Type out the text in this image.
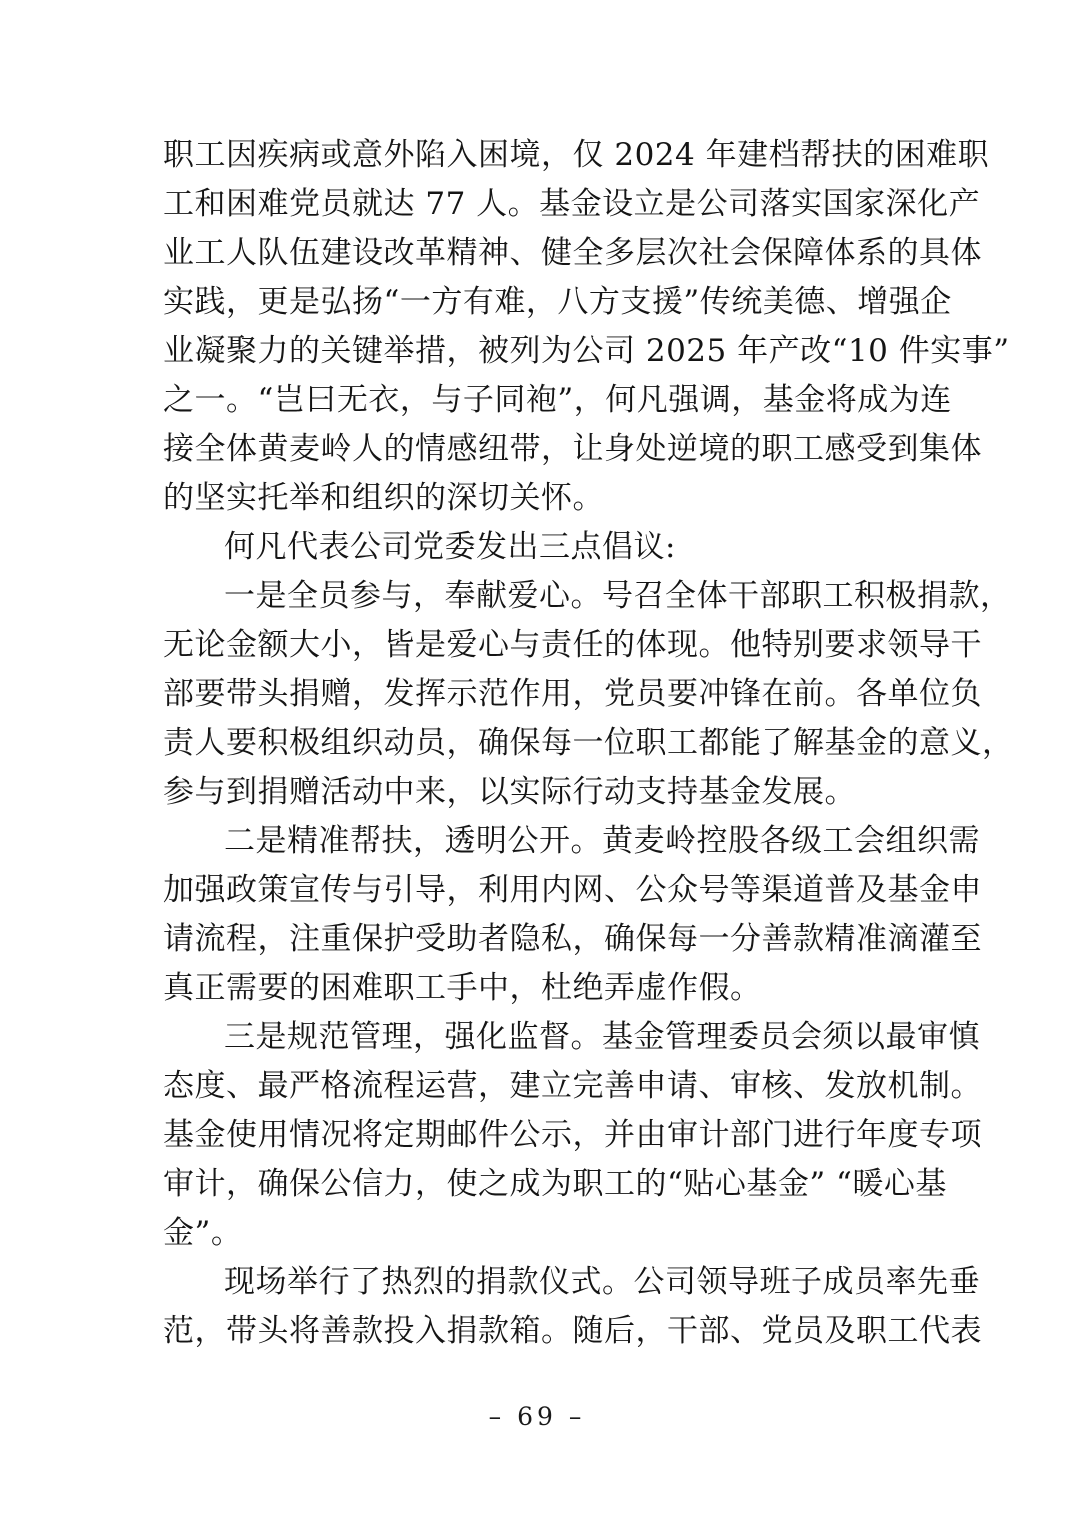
职工因疾病或意外陷入困境，仅 2024 年建档帮扶的困难职
工和困难党员就达 77 人。基金设立是公司落实国家深化产
业工人队伍建设改革精神、健全多层次社会保障体系的具体
实践，更是弘扬“一方有难，八方支援”传统美德、增强企
业凝聚力的关键举措，被列为公司 2025 年产改“10 件实事”
之一。“岂曰无衣，与子同袍”，何凡强调，基金将成为连
接全体黄麦岭人的情感纽带，让身处逆境的职工感受到集体
的坚实托举和组织的深切关怀。
何凡代表公司党委发出三点倡议:
一是全员参与，奉献爱心。号召全体干部职工积极捐款，
无论金额大小，皆是爱心与责任的体现。他特别要求领导干
部要带头捐赠，发挥示范作用，党员要冲锋在前。各单位负
责人要积极组织动员，确保每一位职工都能了解基金的意义，
参与到捐赠活动中来，以实际行动支持基金发展。
二是精准帮扶，透明公开。黄麦岭控股各级工会组织需
加强政策宣传与引导，利用内网、公众号等渠道普及基金申
请流程，注重保护受助者隐私，确保每一分善款精准滴灌至
真正需要的困难职工手中，杜绝弄虚作假。
三是规范管理，强化监督。基金管理委员会须以最审慎
态度、最严格流程运营，建立完善申请、审核、发放机制。
基金使用情况将定期邮件公示，并由审计部门进行年度专项
审计，确保公信力，使之成为职工的“贴心基金” “暖心基
金”。
现场举行了热烈的捐款仪式。公司领导班子成员率先垂
范，带头将善款投入捐款箱。随后，干部、党员及职工代表
– 69 –
